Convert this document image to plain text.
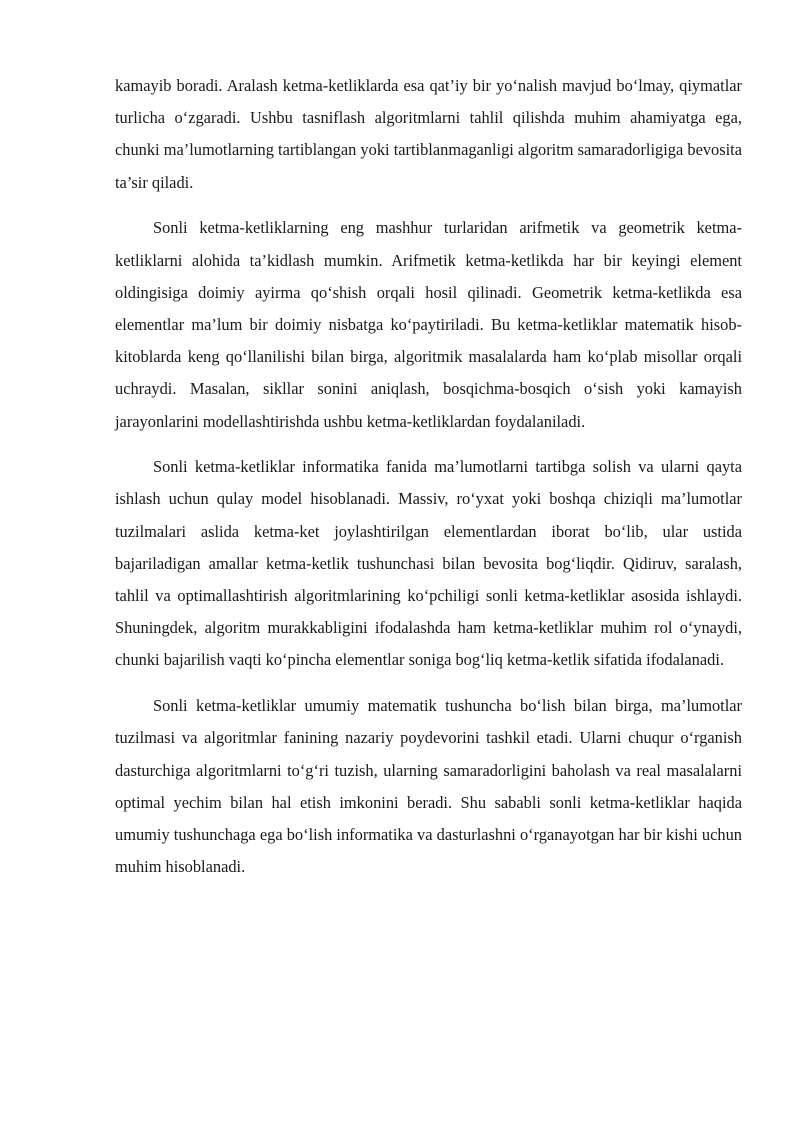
kamayib boradi. Aralash ketma-ketliklarda esa qat’iy bir yo‘nalish mavjud bo‘lmay, qiymatlar turlicha o‘zgaradi. Ushbu tasniflash algoritmlarni tahlil qilishda muhim ahamiyatga ega, chunki ma’lumotlarning tartiblangan yoki tartiblanmaganligi algoritm samaradorligiga bevosita ta’sir qiladi.

Sonli ketma-ketliklarning eng mashhur turlaridan arifmetik va geometrik ketma-ketliklarni alohida ta’kidlash mumkin. Arifmetik ketma-ketlikda har bir keyingi element oldingisiga doimiy ayirma qo‘shish orqali hosil qilinadi. Geometrik ketma-ketlikda esa elementlar ma’lum bir doimiy nisbatga ko‘paytiriladi. Bu ketma-ketliklar matematik hisob-kitoblarda keng qo‘llanilishi bilan birga, algoritmik masalalarda ham ko‘plab misollar orqali uchraydi. Masalan, sikllar sonini aniqlash, bosqichma-bosqich o‘sish yoki kamayish jarayonlarini modellashtirishda ushbu ketma-ketliklardan foydalaniladi.

Sonli ketma-ketliklar informatika fanida ma’lumotlarni tartibga solish va ularni qayta ishlash uchun qulay model hisoblanadi. Massiv, ro‘yxat yoki boshqa chiziqli ma’lumotlar tuzilmalari aslida ketma-ket joylashtirilgan elementlardan iborat bo‘lib, ular ustida bajariladigan amallar ketma-ketlik tushunchasi bilan bevosita bog‘liqdir. Qidiruv, saralash, tahlil va optimallashtirish algoritmlarining ko‘pchiligi sonli ketma-ketliklar asosida ishlaydi. Shuningdek, algoritm murakkabligini ifodalashda ham ketma-ketliklar muhim rol o‘ynaydi, chunki bajarilish vaqti ko‘pincha elementlar soniga bog‘liq ketma-ketlik sifatida ifodalanadi.

Sonli ketma-ketliklar umumiy matematik tushuncha bo‘lish bilan birga, ma’lumotlar tuzilmasi va algoritmlar fanining nazariy poydevorini tashkil etadi. Ularni chuqur o‘rganish dasturchiga algoritmlarni to‘g‘ri tuzish, ularning samaradorligini baholash va real masalalarni optimal yechim bilan hal etish imkonini beradi. Shu sababli sonli ketma-ketliklar haqida umumiy tushunchaga ega bo‘lish informatika va dasturlashni o‘rganayotgan har bir kishi uchun muhim hisoblanadi.
